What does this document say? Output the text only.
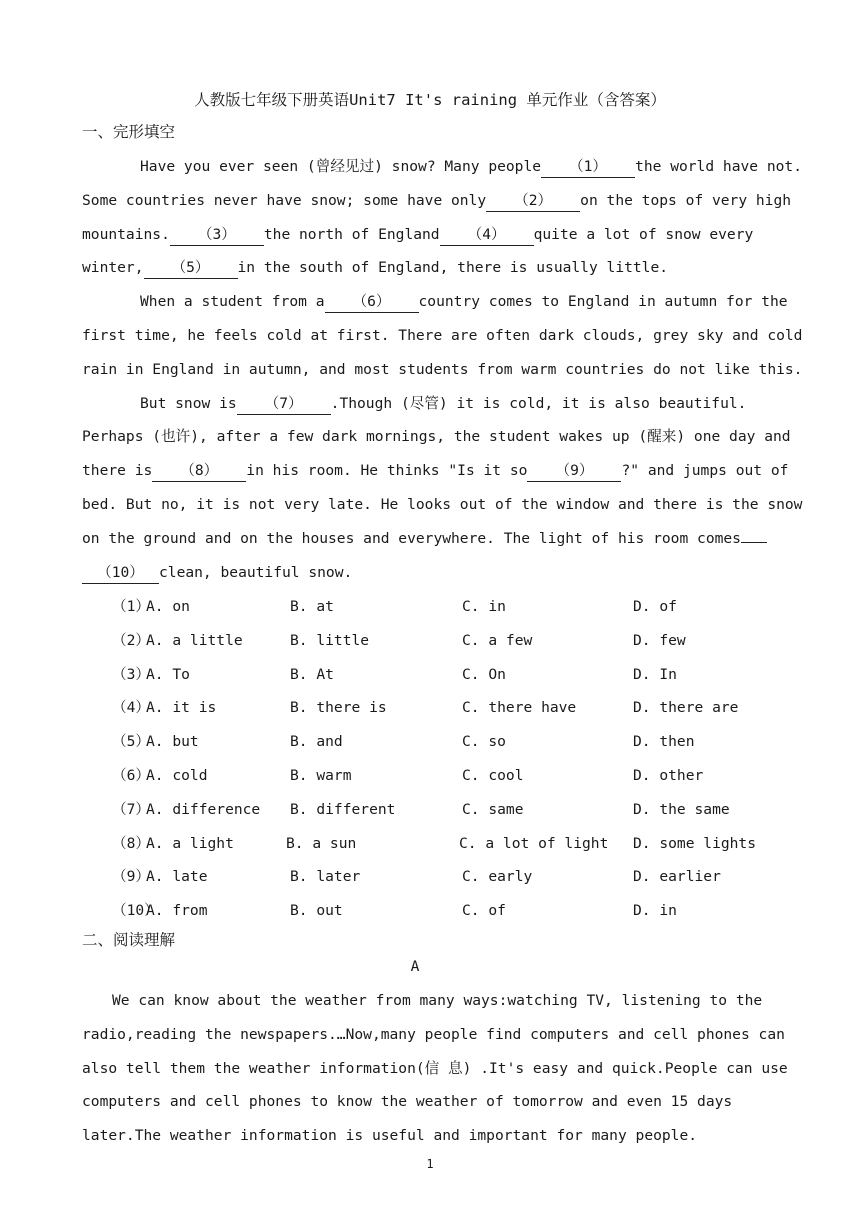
人教版七年级下册英语Unit7 It's raining 单元作业（含答案）
一、完形填空
Have you ever seen (曾经见过) snow? Many people （1） the world have not.
Some countries never have snow; some have only （2） on the tops of very high
mountains. （3） the north of England （4） quite a lot of snow every
winter, （5） in the south of England, there is usually little.
When a student from a （6） country comes to England in autumn for the
first time, he feels cold at first. There are often dark clouds, grey sky and cold
rain in England in autumn, and most students from warm countries do not like this.
But snow is （7） .Though (尽管) it is cold, it is also beautiful.
Perhaps (也许), after a few dark mornings, the student wakes up (醒来) one day and
there is （8） in his room. He thinks "Is it so （9） ?" and jumps out of
bed. But no, it is not very late. He looks out of the window and there is the snow
on the ground and on the houses and everywhere. The light of his room comes
（10） clean, beautiful snow.
（1）
A. on	B. at	C. in	D. of
（2）
A. a little	B. little	C. a few	D. few
（3）
A. To	B. At	C. On	D. In
（4）
A. it is	B. there is	C. there have	D. there are
（5）
A. but	B. and	C. so	D. then
（6）
A. cold	B. warm	C. cool	D. other
（7）
A. difference B. different	C. same	D. the same
（8）
A. a light	B. a sun	C. a lot of light D. some lights
（9）
A. late	B. later	C. early	D. earlier
（10）
A. from	B. out	C. of	D. in
二、阅读理解
A
We can know about the weather from many ways:watching TV, listening to the
radio,reading the newspapers.…Now,many people find computers and cell phones can
also tell them the weather information(信 息) .It's easy and quick.People can use
computers and cell phones to know the weather of tomorrow and even 15 days
later.The weather information is useful and important for many people.
1
